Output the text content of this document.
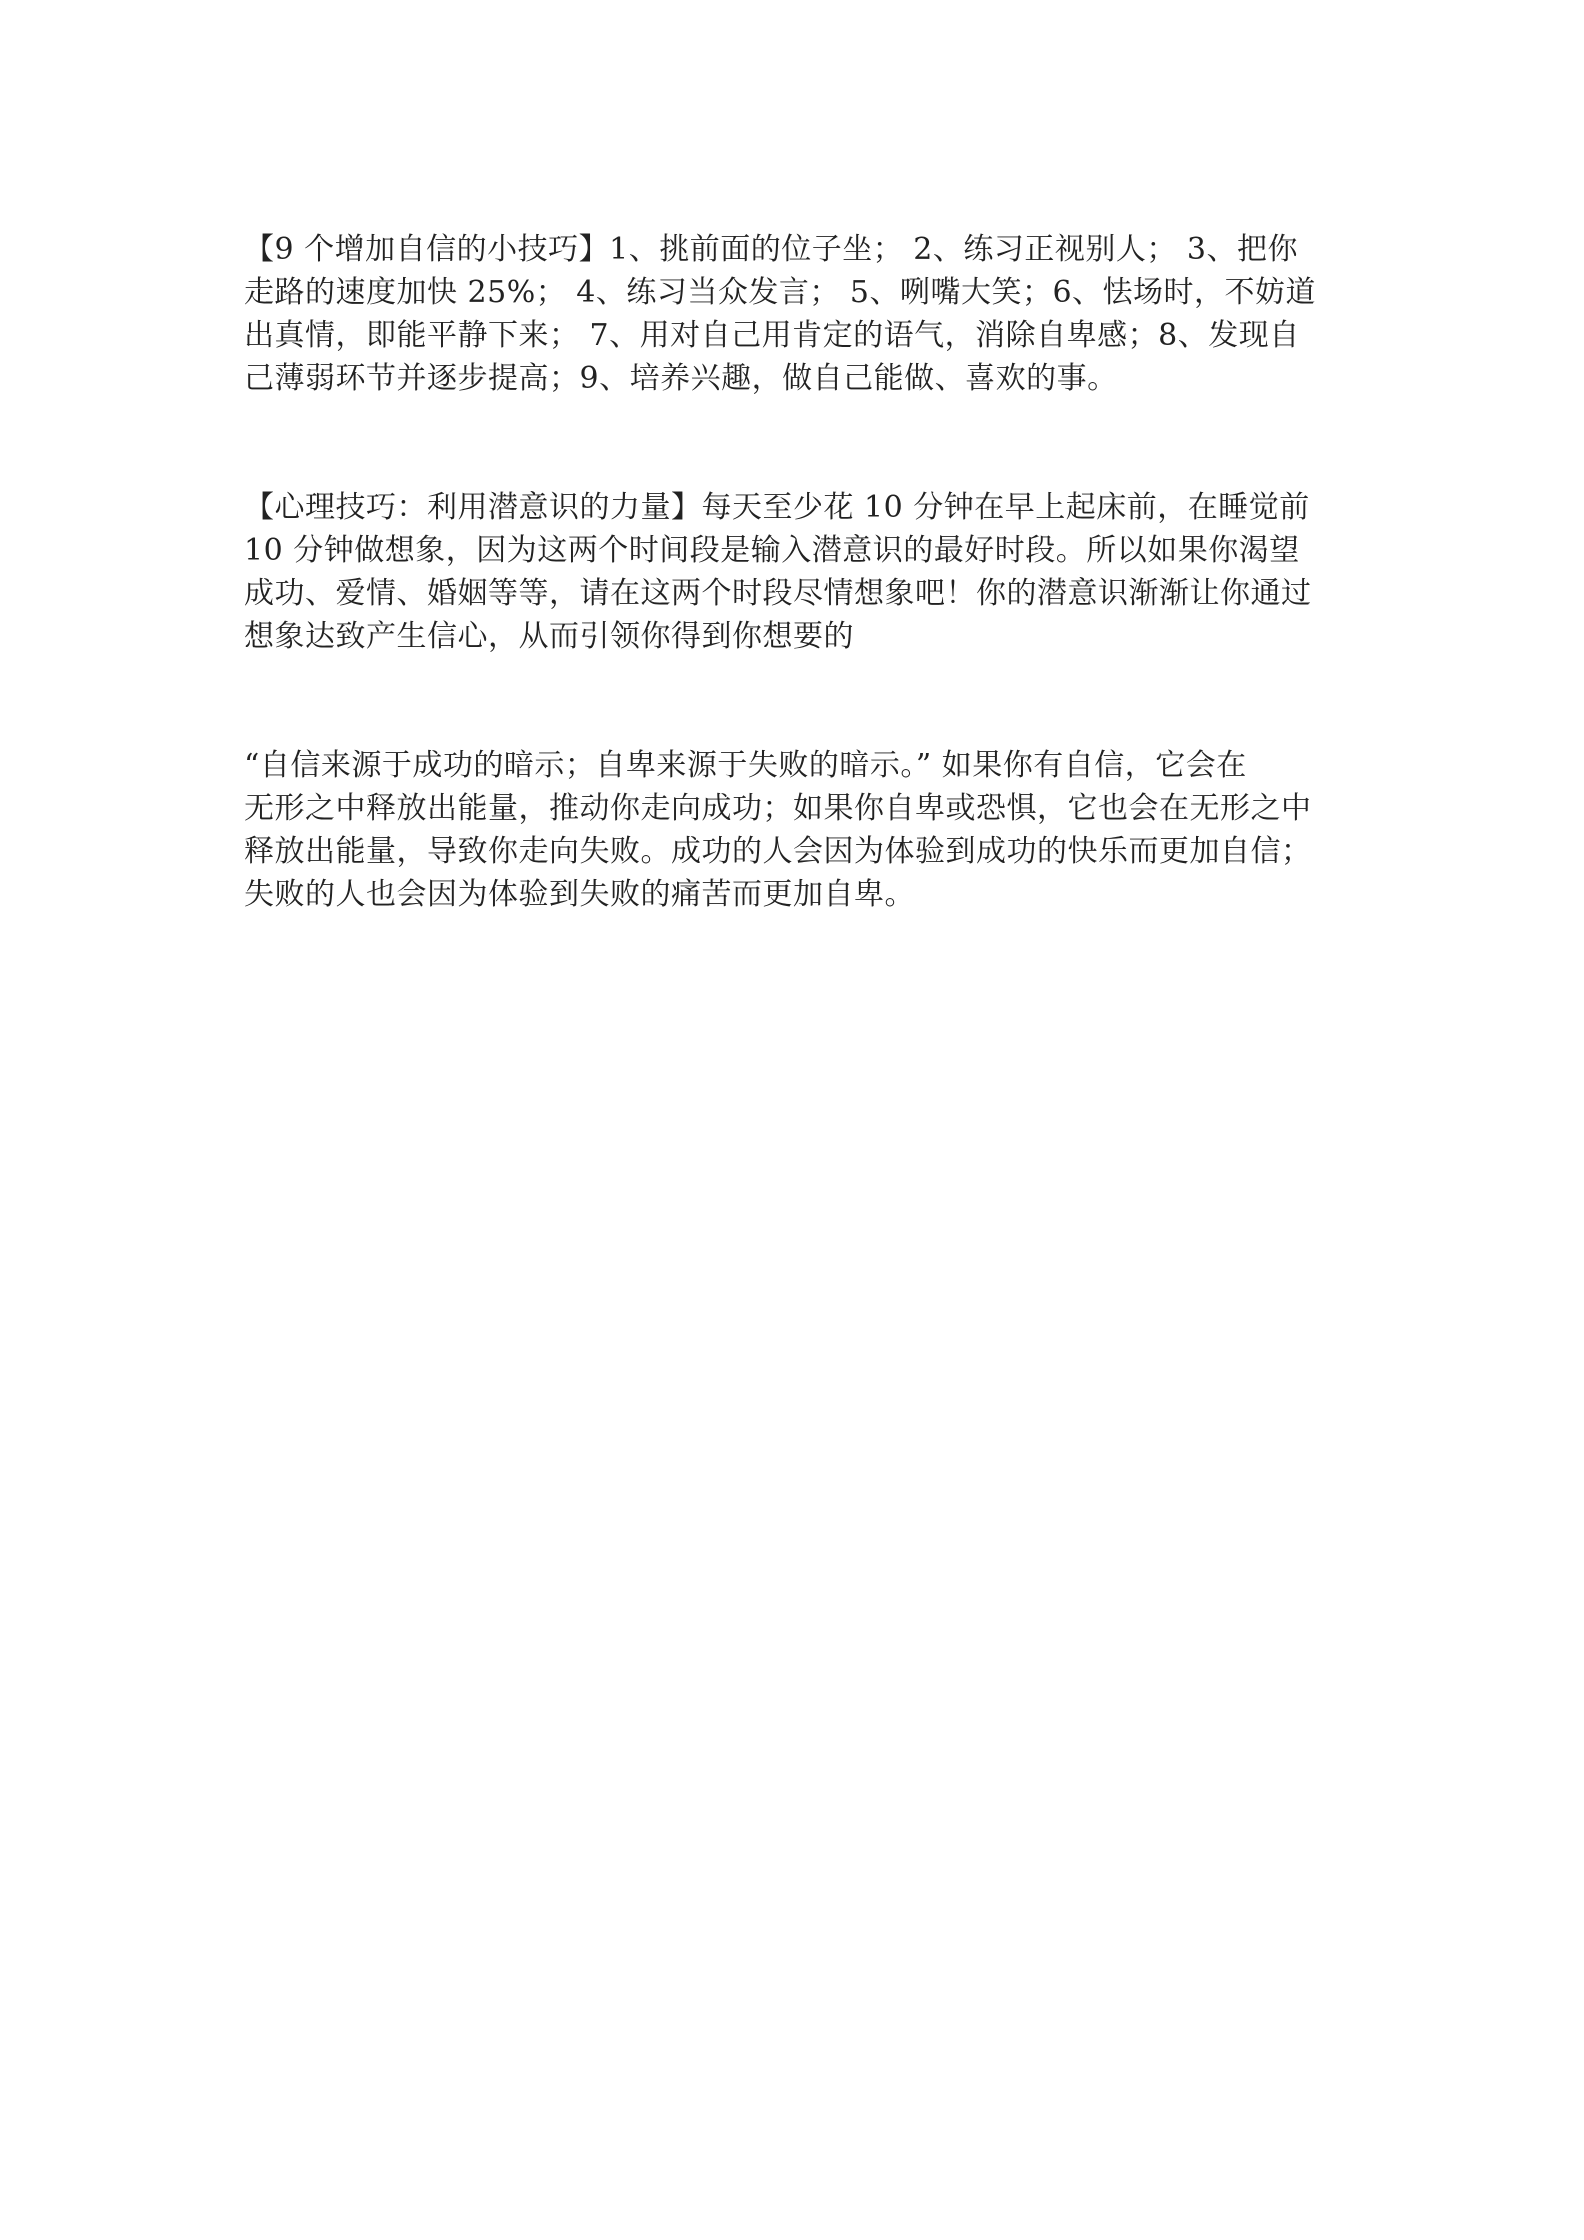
【9 个增加自信的小技巧】1、挑前面的位子坐； 2、练习正视别人； 3、把你
走路的速度加快 25%； 4、练习当众发言； 5、咧嘴大笑；6、怯场时，不妨道
出真情，即能平静下来； 7、用对自己用肯定的语气，消除自卑感；8、发现自
己薄弱环节并逐步提高；9、培养兴趣，做自己能做、喜欢的事。

【心理技巧：利用潜意识的力量】每天至少花 10 分钟在早上起床前，在睡觉前
10 分钟做想象，因为这两个时间段是输入潜意识的最好时段。所以如果你渴望
成功、爱情、婚姻等等，请在这两个时段尽情想象吧！你的潜意识渐渐让你通过
想象达致产生信心，从而引领你得到你想要的

“自信来源于成功的暗示；自卑来源于失败的暗示。” 如果你有自信，它会在
无形之中释放出能量，推动你走向成功；如果你自卑或恐惧，它也会在无形之中
释放出能量，导致你走向失败。成功的人会因为体验到成功的快乐而更加自信；
失败的人也会因为体验到失败的痛苦而更加自卑。
